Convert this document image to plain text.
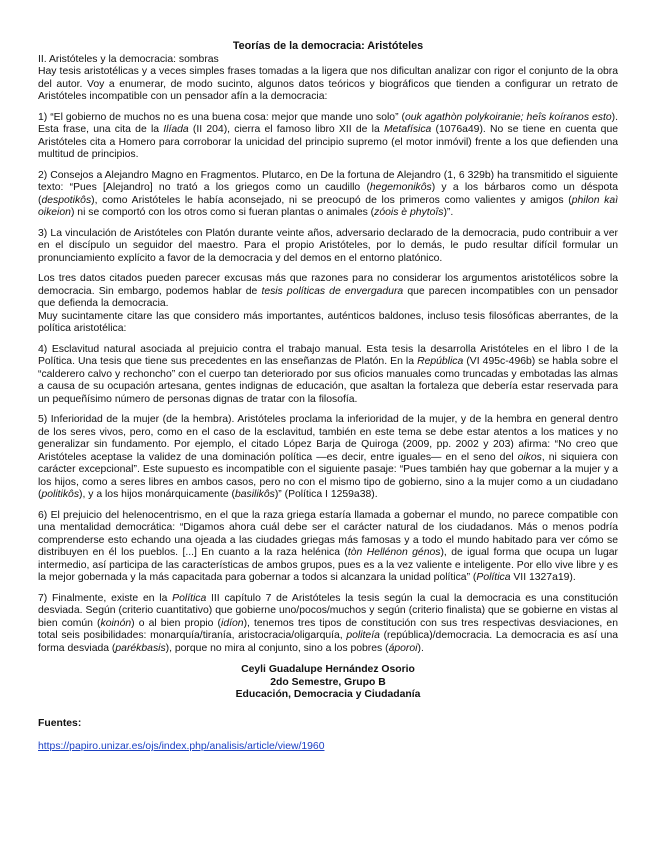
Teorías de la democracia: Aristóteles

II. Aristóteles y la democracia: sombras

Hay tesis aristotélicas y a veces simples frases tomadas a la ligera que nos dificultan analizar con rigor el conjunto de la obra del autor. Voy a enumerar, de modo sucinto, algunos datos teóricos y biográficos que tienden a configurar un retrato de Aristóteles incompatible con un pensador afín a la democracia:

1) “El gobierno de muchos no es una buena cosa: mejor que mande uno solo” (ouk agathòn polykoiranie; heîs koíranos esto). Esta frase, una cita de la Ilíada (II 204), cierra el famoso libro XII de la Metafísica (1076a49). No se tiene en cuenta que Aristóteles cita a Homero para corroborar la unicidad del principio supremo (el motor inmóvil) frente a los que defienden una multitud de principios.

2) Consejos a Alejandro Magno en Fragmentos. Plutarco, en De la fortuna de Alejandro (1, 6 329b) ha transmitido el siguiente texto: “Pues [Alejandro] no trató a los griegos como un caudillo (hegemonikôs) y a los bárbaros como un déspota (despotikôs), como Aristóteles le había aconsejado, ni se preocupó de los primeros como valientes y amigos (philon kaì oikeion) ni se comportó con los otros como si fueran plantas o animales (zóois è phytoîs)”.

3) La vinculación de Aristóteles con Platón durante veinte años, adversario declarado de la democracia, pudo contribuir a ver en el discípulo un seguidor del maestro. Para el propio Aristóteles, por lo demás, le pudo resultar difícil formular un pronunciamiento explícito a favor de la democracia y del demos en el entorno platónico.

Los tres datos citados pueden parecer excusas más que razones para no considerar los argumentos aristotélicos sobre la democracia. Sin embargo, podemos hablar de tesis políticas de envergadura que parecen incompatibles con un pensador que defienda la democracia.

Muy sucintamente citare las que considero más importantes, auténticos baldones, incluso tesis filosóficas aberrantes, de la política aristotélica:

4) Esclavitud natural asociada al prejuicio contra el trabajo manual. Esta tesis la desarrolla Aristóteles en el libro I de la Política. Una tesis que tiene sus precedentes en las enseñanzas de Platón. En la República (VI 495c-496b) se habla sobre el “calderero calvo y rechoncho” con el cuerpo tan deteriorado por sus oficios manuales como truncadas y embotadas las almas a causa de su ocupación artesana, gentes indignas de educación, que asaltan la fortaleza que debería estar reservada para un pequeñísimo número de personas dignas de tratar con la filosofía.

5) Inferioridad de la mujer (de la hembra). Aristóteles proclama la inferioridad de la mujer, y de la hembra en general dentro de los seres vivos, pero, como en el caso de la esclavitud, también en este tema se debe estar atentos a los matices y no generalizar sin fundamento. Por ejemplo, el citado López Barja de Quiroga (2009, pp. 2002 y 203) afirma: “No creo que Aristóteles aceptase la validez de una dominación política —es decir, entre iguales— en el seno del oikos, ni siquiera con carácter excepcional”. Este supuesto es incompatible con el siguiente pasaje: “Pues también hay que gobernar a la mujer y a los hijos, como a seres libres en ambos casos, pero no con el mismo tipo de gobierno, sino a la mujer como a un ciudadano (politikôs), y a los hijos monárquicamente (basilikôs)” (Política I 1259a38).

6) El prejuicio del helenocentrismo, en el que la raza griega estaría llamada a gobernar el mundo, no parece compatible con una mentalidad democrática: “Digamos ahora cuál debe ser el carácter natural de los ciudadanos. Más o menos podría comprenderse esto echando una ojeada a las ciudades griegas más famosas y a todo el mundo habitado para ver cómo se distribuyen en él los pueblos. [...] En cuanto a la raza helénica (tòn Hellénon génos), de igual forma que ocupa un lugar intermedio, así participa de las características de ambos grupos, pues es a la vez valiente e inteligente. Por ello vive libre y es la mejor gobernada y la más capacitada para gobernar a todos si alcanzara la unidad política” (Política VII 1327a19).

7) Finalmente, existe en la Política III capítulo 7 de Aristóteles la tesis según la cual la democracia es una constitución desviada. Según (criterio cuantitativo) que gobierne uno/pocos/muchos y según (criterio finalista) que se gobierne en vistas al bien común (koinón) o al bien propio (idíon), tenemos tres tipos de constitución con sus tres respectivas desviaciones, en total seis posibilidades: monarquía/tiranía, aristocracia/oligarquía, politeía (república)/democracia. La democracia es así una forma desviada (parékbasis), porque no mira al conjunto, sino a los pobres (áporoi).

Ceyli Guadalupe Hernández Osorio
2do Semestre, Grupo B
Educación, Democracia y Ciudadanía
Fuentes:
https://papiro.unizar.es/ojs/index.php/analisis/article/view/1960
